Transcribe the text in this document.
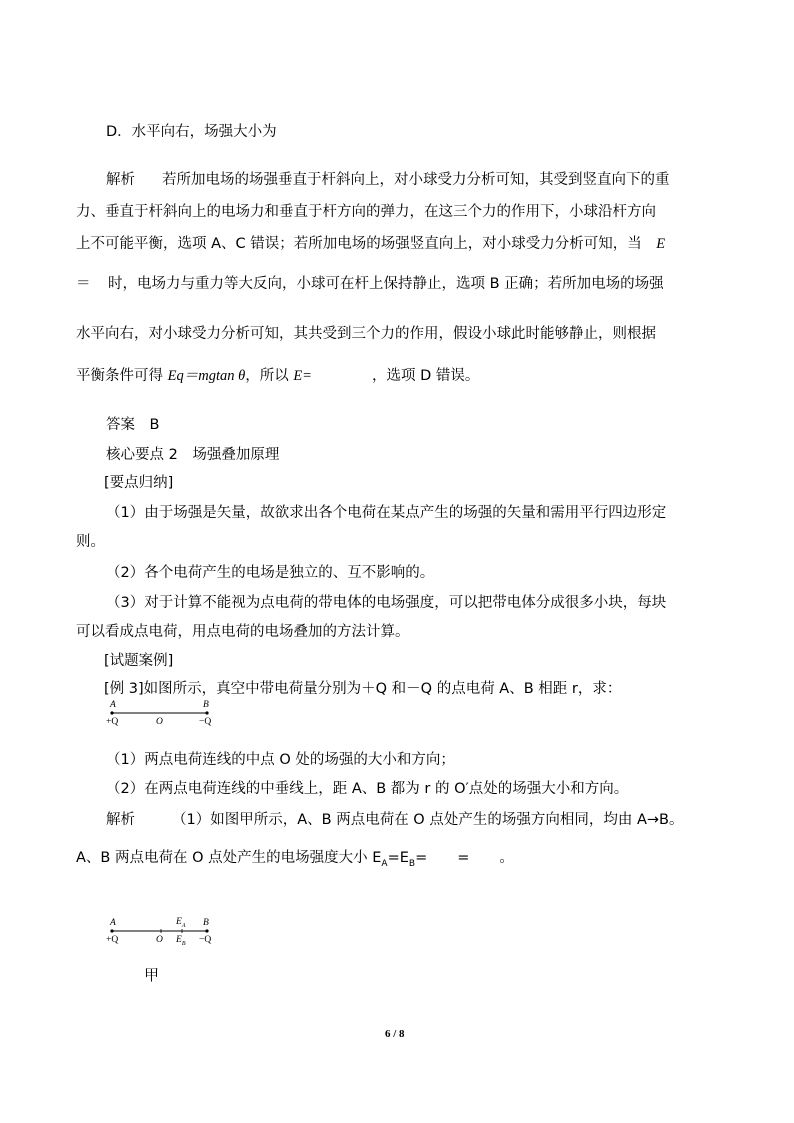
D．水平向右，场强大小为
解析 若所加电场的场强垂直于杆斜向上，对小球受力分析可知，其受到竖直向下的重
力、垂直于杆斜向上的电场力和垂直于杆方向的弹力，在这三个力的作用下，小球沿杆方向
上不可能平衡，选项 A、C 错误；若所加电场的场强竖直向上，对小球受力分析可知，当　 E
＝ 时，电场力与重力等大反向，小球可在杆上保持静止，选项 B 正确；若所加电场的场强
水平向右，对小球受力分析可知，其共受到三个力的作用，假设小球此时能够静止，则根据
平衡条件可得 Eq＝mgtan θ，所以 E=	，选项 D 错误。
答案　B
核心要点 2　场强叠加原理
[要点归纳]
（1）由于场强是矢量，故欲求出各个电荷在某点产生的场强的矢量和需用平行四边形定
则。
（2）各个电荷产生的电场是独立的、互不影响的。
（3）对于计算不能视为点电荷的带电体的电场强度，可以把带电体分成很多小块，每块
可以看成点电荷，用点电荷的电场叠加的方法计算。
[试题案例]
[例 3]如图所示，真空中带电荷量分别为＋Q 和－Q 的点电荷 A、B 相距 r，求：
A	B
+Q	O	−Q
（1）两点电荷连线的中点 O 处的场强的大小和方向；
（2）在两点电荷连线的中垂线上，距 A、B 都为 r 的 O′点处的场强大小和方向。
解析	（1）如图甲所示，A、B 两点电荷在 O 点处产生的场强方向相同，均由 A→B。
A、B 两点电荷在 O 点处产生的电场强度大小 $E_A=E_B=$ = 。
A	$E_A$ B
+Q	O $E_B -Q$
甲
6 / 8
